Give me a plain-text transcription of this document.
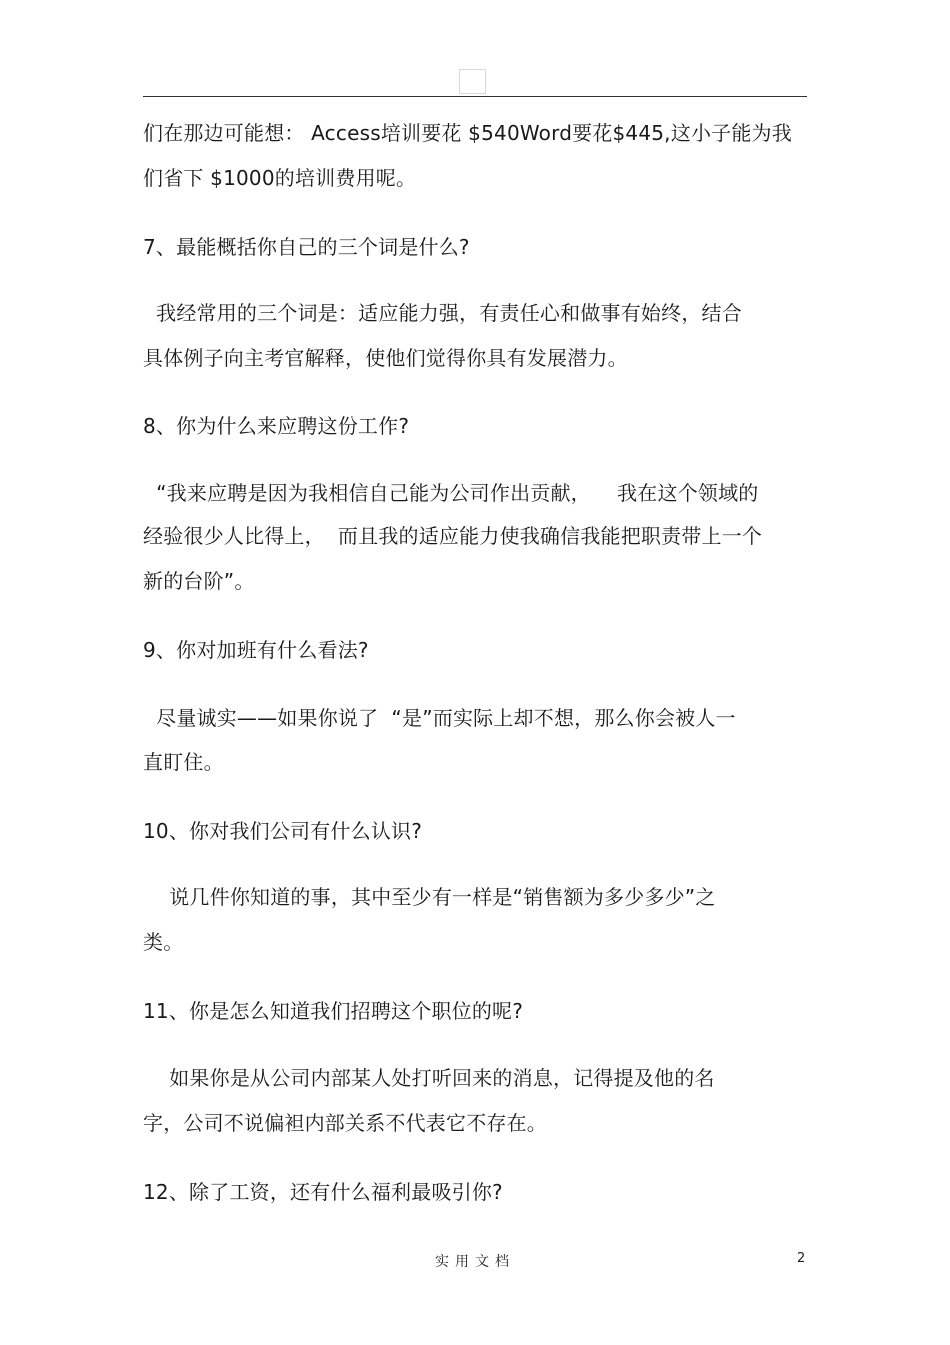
们在那边可能想： Access培训要花 $540Word要花$445,这小子能为我
们省下 $1000的培训费用呢。
7、最能概括你自己的三个词是什么?
我经常用的三个词是：适应能力强，有责任心和做事有始终，结合
具体例子向主考官解释，使他们觉得你具有发展潜力。
8、你为什么来应聘这份工作?
“我来应聘是因为我相信自己能为公司作出贡献，    我在这个领域的
经验很少人比得上，  而且我的适应能力使我确信我能把职责带上一个
新的台阶”。
9、你对加班有什么看法?
尽量诚实——如果你说了  “是”而实际上却不想，那么你会被人一
直盯住。
10、你对我们公司有什么认识?
说几件你知道的事，其中至少有一样是“销售额为多少多少”之
类。
11、你是怎么知道我们招聘这个职位的呢?
如果你是从公司内部某人处打听回来的消息，记得提及他的名
字，公司不说偏袒内部关系不代表它不存在。
12、除了工资，还有什么福利最吸引你?
实用文档	2
